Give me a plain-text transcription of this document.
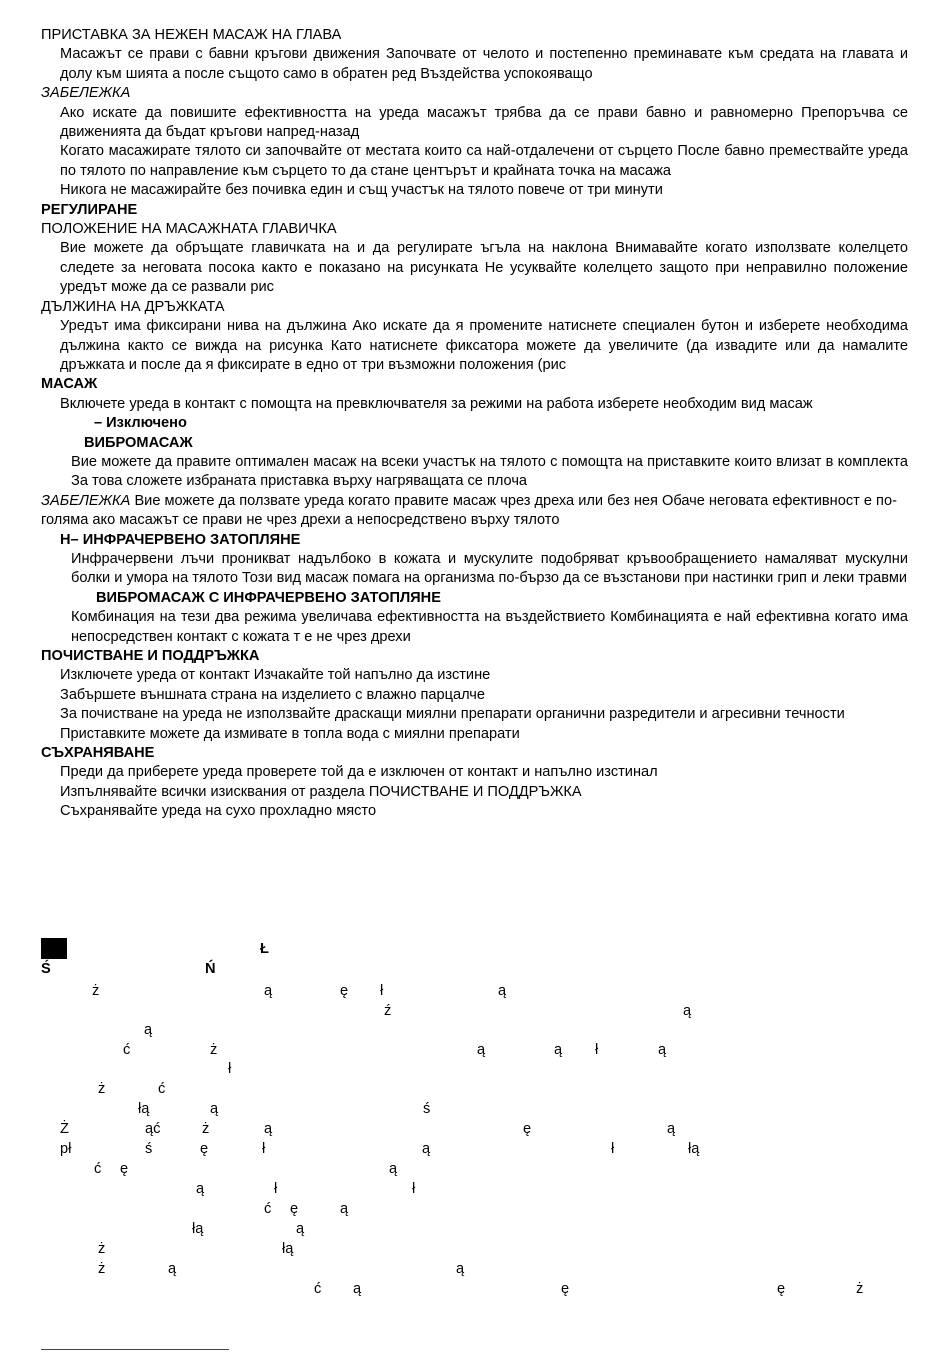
ПРИСТАВКА ЗА НЕЖЕН МАСАЖ НА ГЛАВА

Масажът се прави с бавни кръгови движения Започвате от челото и постепенно преминавате към средата на главата и долу към шията а после същото само в обратен ред Въздейства успокояващо

ЗАБЕЛЕЖКА

Ако искате да повишите ефективността на уреда масажът трябва да се прави бавно и равномерно Препоръчва се движенията да бъдат кръгови напред-назад

Когато масажирате тялото си започвайте от местата които са най-отдалечени от сърцето После бавно премествайте уреда по тялото по направление към сърцето то да стане центърът и крайната точка на масажа

Никога не масажирайте без почивка един и същ участък на тялото повече от три минути

РЕГУЛИРАНЕ

ПОЛОЖЕНИЕ НА МАСАЖНАТА ГЛАВИЧКА

Вие можете да обръщате главичката на и да регулирате ъгъла на наклона Внимавайте когато използвате колелцето следете за неговата посока както е показано на рисунката Не усуквайте колелцето защото при неправилно положение уредът може да се развали рис

ДЪЛЖИНА НА ДРЪЖКАТА

Уредът има фиксирани нива на дължина Ако искате да я промените натиснете специален бутон и изберете необходима дължина както се вижда на рисунка Като натиснете фиксатора можете да увеличите (да извадите или да намалите дръжката и после да я фиксирате в едно от три възможни положения (рис

МАСАЖ

Включете уреда в контакт с помощта на превключвателя за режими на работа изберете необходим вид масаж

– Изключено

ВИБРОМАСАЖ

Вие можете да правите оптимален масаж на всеки участък на тялото с помощта на приставките които влизат в комплекта За това сложете избраната приставка върху нагряващата се плоча

ЗАБЕЛЕЖКА Вие можете да ползвате уреда когато правите масаж чрез дреха или без нея Обаче неговата ефективност е по-голяма ако масажът се прави не чрез дрехи а непосредствено върху тялото

Н– ИНФРАЧЕРВЕНО ЗАТОПЛЯНЕ

Инфрачервени лъчи проникват надълбоко в кожата и мускулите подобряват кръвообращението намаляват мускулни болки и умора на тялото Този вид масаж помага на организма по-бързо да се възстанови при настинки грип и леки травми

ВИБРОМАСАЖ С ИНФРАЧЕРВЕНО ЗАТОПЛЯНЕ

Комбинация на тези два режима увеличава ефективността на въздействието Комбинацията е най ефективна когато има непосредствен контакт с кожата т е не чрез дрехи

ПОЧИСТВАНЕ И ПОДДРЪЖКА

Изключете уреда от контакт Изчакайте той напълно да изстине

Забършете външната страна на изделието с влажно парцалче

За почистване на уреда не използвайте драскащи миялни препарати органични разредители и агресивни течности

Приставките можете да измивате в топла вода с миялни препарати

СЪХРАНЯВАНЕ

Преди да приберете уреда проверете той да е изключен от контакт и напълно изстинал

Изпълнявайте всички изисквания от раздела ПОЧИСТВАНЕ И ПОДДРЪЖКА

Съхранявайте уреда на сухо прохладно място

Ł
Ś	Ń
ż	ą	ę ł	ą
ź	ą
ą
ć	ż	ą	ą ł	ą
ł
ż	ć
łą	ą	ś
Ż	ąć	ż	ą	ę	ą
pł	ś	ę	ł	ą	ł	łą
ć ę	ą
ą	ł	ł
ć ę	ą
łą	ą
ż	łą
ż	ą	ą
ć ą	ę	ę	ż
